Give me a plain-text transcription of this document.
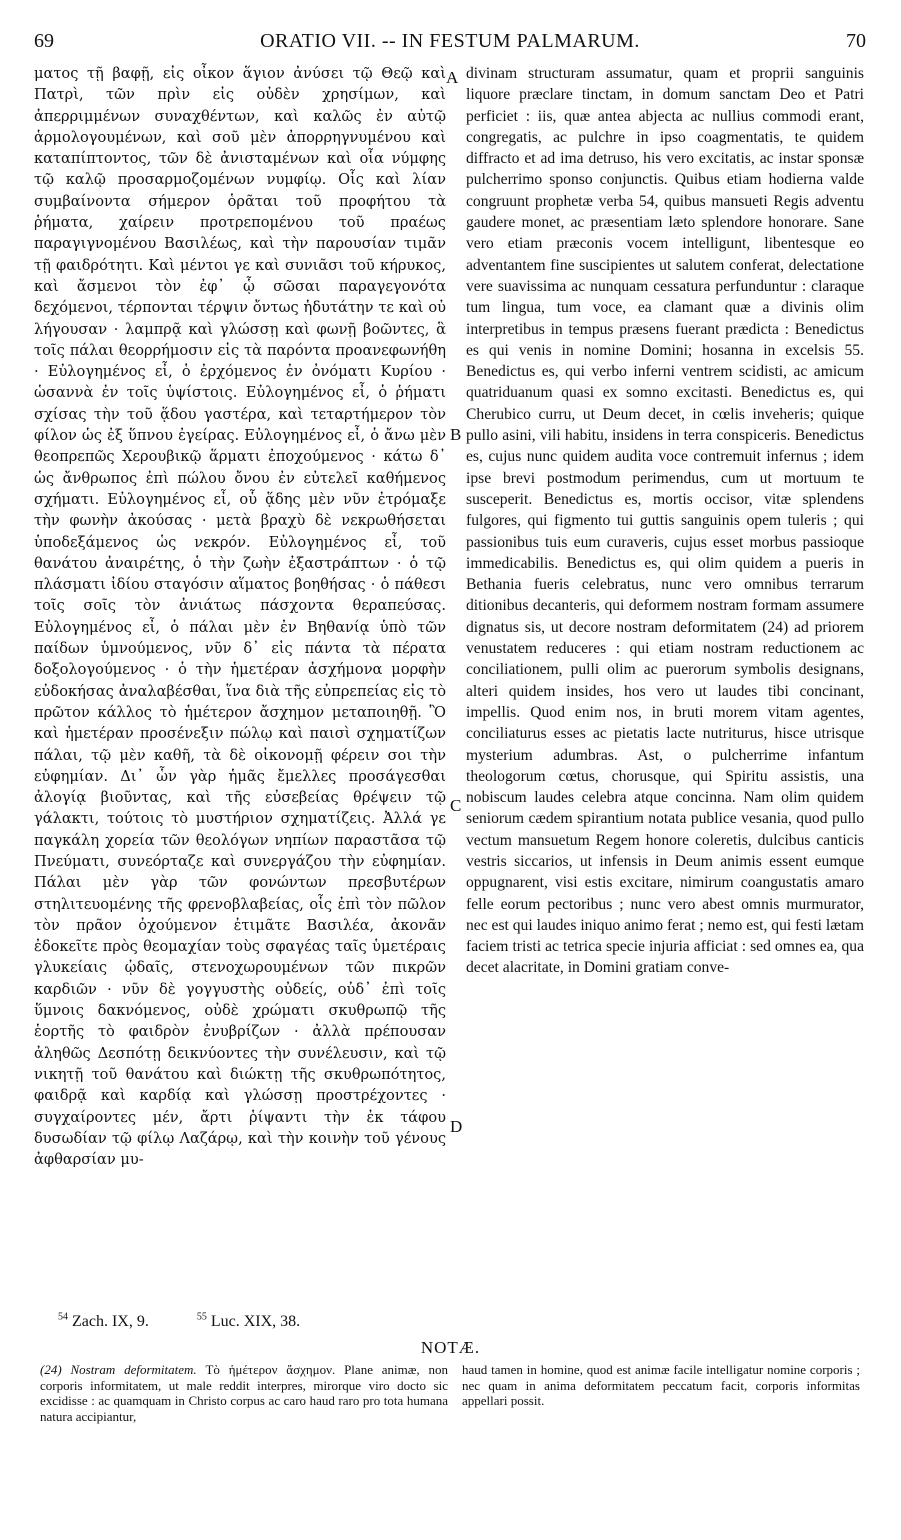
69	ORATIO VII. -- IN FESTUM PALMARUM.	70

ματος τῇ βαφῇ, εἰς οἶκον ἅγιον ἀνύσει τῷ Θεῷ καὶ Πατρὶ, τῶν πρὶν εἰς οὐδὲν χρησίμων, καὶ ἀπερριμμένων συναχθέντων, καὶ καλῶς ἐν αὐτῷ ἁρμολογουμένων, καὶ σοῦ μὲν ἀπορρηγνυμένου καὶ καταπίπτοντος, τῶν δὲ ἀνισταμένων καὶ οἷα νύμφης τῷ καλῷ προσαρμοζομένων νυμφίῳ. Οἷς καὶ λίαν συμβαίνοντα σήμερον ὁρᾶται τοῦ προφήτου τὰ ῥήματα, χαίρειν προτρεπομένου τοῦ πραέως παραγιγνομένου Βασιλέως, καὶ τὴν παρουσίαν τιμᾶν τῇ φαιδρότητι. Καὶ μέντοι γε καὶ συνιᾶσι τοῦ κήρυκος, καὶ ἄσμενοι τὸν ἐφ᾽ ᾧ σῶσαι παραγεγονότα δεχόμενοι, τέρπονται τέρψιν ὄντως ἡδυτάτην τε καὶ οὐ λήγουσαν · λαμπρᾷ καὶ γλώσσῃ καὶ φωνῇ βοῶντες, ἃ τοῖς πάλαι θεορρήμοσιν εἰς τὰ παρόντα προανεφωνήθη · Εὐλογημένος εἶ, ὁ ἐρχόμενος ἐν ὀνόματι Κυρίου · ὡσαννὰ ἐν τοῖς ὑψίστοις. Εὐλογημένος εἶ, ὁ ῥήματι σχίσας τὴν τοῦ ᾅδου γαστέρα, καὶ τεταρτήμερον τὸν φίλον ὡς ἐξ ὕπνου ἐγείρας. Εὐλογημένος εἶ, ὁ ἄνω μὲν θεοπρεπῶς Χερουβικῷ ἅρματι ἐποχούμενος · κάτω δ᾽ ὡς ἄνθρωπος ἐπὶ πώλου ὄνου ἐν εὐτελεῖ καθήμενος σχήματι. Εὐλογημένος εἶ, οὗ ᾅδης μὲν νῦν ἐτρόμαξε τὴν φωνὴν ἀκούσας · μετὰ βραχὺ δὲ νεκρωθήσεται ὑποδεξάμενος ὡς νεκρόν. Εὐλογημένος εἶ, τοῦ θανάτου ἀναιρέτης, ὁ τὴν ζωὴν ἐξαστράπτων · ὁ τῷ πλάσματι ἰδίου σταγόσιν αἵματος βοηθήσας · ὁ πάθεσι τοῖς σοῖς τὸν ἀνιάτως πάσχοντα θεραπεύσας. Εὐλογημένος εἶ, ὁ πάλαι μὲν ἐν Βηθανίᾳ ὑπὸ τῶν παίδων ὑμνούμενος, νῦν δ᾽ εἰς πάντα τὰ πέρατα δοξολογούμενος · ὁ τὴν ἡμετέραν ἀσχήμονα μορφὴν εὐδοκήσας ἀναλαβέσθαι, ἵνα διὰ τῆς εὐπρεπείας εἰς τὸ πρῶτον κάλλος τὸ ἡμέτερον ἄσχημον μεταποιηθῇ. Ὃ καὶ ἡμετέραν προσένεξιν πώλῳ καὶ παισὶ σχηματίζων πάλαι, τῷ μὲν καθῆ, τὰ δὲ οἰκονομῇ φέρειν σοι τὴν εὐφημίαν. Δι᾽ ὧν γὰρ ἡμᾶς ἔμελλες προσάγεσθαι ἀλογίᾳ βιοῦντας, καὶ τῆς εὐσεβείας θρέψειν τῷ γάλακτι, τούτοις τὸ μυστήριον σχηματίζεις. Ἀλλά γε παγκάλη χορεία τῶν θεολόγων νηπίων παραστᾶσα τῷ Πνεύματι, συνεόρταζε καὶ συνεργάζου τὴν εὐφημίαν. Πάλαι μὲν γὰρ τῶν φονώντων πρεσβυτέρων στηλιτευομένης τῆς φρενοβλαβείας, οἷς ἐπὶ τὸν πῶλον τὸν πρᾶον ὀχούμενον ἐτιμᾶτε Βασιλέα, ἀκονᾶν ἐδοκεῖτε πρὸς θεομαχίαν τοὺς σφαγέας ταῖς ὑμετέραις γλυκείαις ᾠδαῖς, στενοχωρουμένων τῶν πικρῶν καρδιῶν · νῦν δὲ γογγυστὴς οὐδείς, οὐδ᾽ ἐπὶ τοῖς ὕμνοις δακνόμενος, οὐδὲ χρώματι σκυθρωπῷ τῆς ἑορτῆς τὸ φαιδρὸν ἐνυβρίζων · ἀλλὰ πρέπουσαν ἀληθῶς Δεσπότῃ δεικνύοντες τὴν συνέλευσιν, καὶ τῷ νικητῇ τοῦ θανάτου καὶ διώκτῃ τῆς σκυθρωπότητος, φαιδρᾷ καὶ καρδίᾳ καὶ γλώσσῃ προστρέχοντες · συγχαίροντες μέν, ἄρτι ῥίψαντι τὴν ἐκ τάφου δυσωδίαν τῷ φίλῳ Λαζάρῳ, καὶ τὴν κοινὴν τοῦ γένους ἀφθαρσίαν μυ-

A
B
C
D

divinam structuram assumatur, quam et proprii sanguinis liquore præclare tinctam, in domum sanctam Deo et Patri perficiet : iis, quæ antea abjecta ac nullius commodi erant, congregatis, ac pulchre in ipso coagmentatis, te quidem diffracto et ad ima detruso, his vero excitatis, ac instar sponsæ pulcherrimo sponso conjunctis. Quibus etiam hodierna valde congruunt prophetæ verba 54, quibus mansueti Regis adventu gaudere monet, ac præsentiam læto splendore honorare. Sane vero etiam præconis vocem intelligunt, libentesque eo adventantem fine suscipientes ut salutem conferat, delectatione vere suavissima ac nunquam cessatura perfunduntur : claraque tum lingua, tum voce, ea clamant quæ a divinis olim interpretibus in tempus præsens fuerant prædicta : Benedictus es qui venis in nomine Domini; hosanna in excelsis 55. Benedictus es, qui verbo inferni ventrem scidisti, ac amicum quatriduanum quasi ex somno excitasti. Benedictus es, qui Cherubico curru, ut Deum decet, in cœlis inveheris; quique pullo asini, vili habitu, insidens in terra conspiceris. Benedictus es, cujus nunc quidem audita voce contremuit infernus ; idem ipse brevi postmodum perimendus, cum ut mortuum te susceperit. Benedictus es, mortis occisor, vitæ splendens fulgores, qui figmento tui guttis sanguinis opem tuleris ; qui passionibus tuis eum curaveris, cujus esset morbus passioque immedicabilis. Benedictus es, qui olim quidem a pueris in Bethania fueris celebratus, nunc vero omnibus terrarum ditionibus decanteris, qui deformem nostram formam assumere dignatus sis, ut decore nostram deformitatem (24) ad priorem venustatem reduceres : qui etiam nostram reductionem ac conciliationem, pulli olim ac puerorum symbolis designans, alteri quidem insides, hos vero ut laudes tibi concinant, impellis. Quod enim nos, in bruti morem vitam agentes, conciliaturus esses ac pietatis lacte nutriturus, hisce utrisque mysterium adumbras. Ast, o pulcherrime infantum theologorum cœtus, chorusque, qui Spiritu assistis, una nobiscum laudes celebra atque concinna. Nam olim quidem seniorum cædem spirantium notata publice vesania, quod pullo vectum mansuetum Regem honore coleretis, dulcibus canticis vestris siccarios, ut infensis in Deum animis essent eumque oppugnarent, visi estis excitare, nimirum coangustatis amaro felle eorum pectoribus ; nunc vero abest omnis murmurator, nec est qui laudes iniquo animo ferat ; nemo est, qui festi lætam faciem tristi ac tetrica specie injuria afficiat : sed omnes ea, qua decet alacritate, in Domini gratiam conve-

$^{54}$ Zach. IX, 9.	$^{55}$ Luc. XIX, 38.
NOTÆ.
(24) Nostram deformitatem. Τὸ ἡμέτερον ἄσχημον. Plane animæ, non corporis informitatem, ut male reddit interpres, mirorque viro docto sic excidisse : ac quamquam in Christo corpus ac caro haud raro pro tota humana natura accipiantur,
haud tamen in homine, quod est animæ facile intelligatur nomine corporis ; nec quam in anima deformitatem peccatum facit, corporis informitas appellari possit.
